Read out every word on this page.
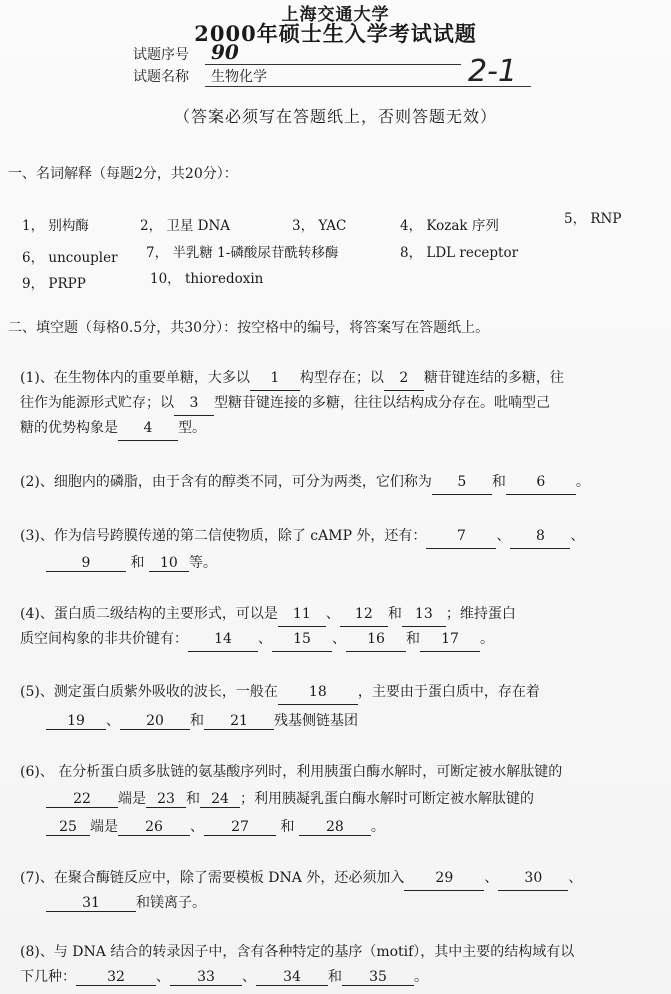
上海交通大学
2000年硕士生入学考试试题
试题序号 90
试题名称 生物化学	2-1
（答案必须写在答题纸上，否则答题无效）
一、名词解释（每题2分，共20分）：
1， 别构酶	2， 卫星 DNA	3， YAC	4， Kozak 序列	5， RNP
6， uncoupler 7， 半乳糖 1-磷酸尿苷酰转移酶	8， LDL receptor
9， PRPP	10， thioredoxin
二、填空题（每格0.5分，共30分）：按空格中的编号，将答案写在答题纸上。
(1)、在生物体内的重要单糖，大多以 1 构型存在；以 2 糖苷键连结的多糖，往
往作为能源形式贮存；以 3 型糖苷键连接的多糖，往往以结构成分存在。吡喃型己
糖的优势构象是 4 型。
(2)、细胞内的磷脂，由于含有的醇类不同，可分为两类，它们称为 5 和 6 。
(3)、作为信号跨膜传递的第二信使物质，除了 cAMP 外，还有： 7 、 8 、
9	和 10 等。
(4)、蛋白质二级结构的主要形式，可以是 11 、 12 和 13 ；维持蛋白
质空间构象的非共价键有： 14 、 15 、 16 和 17 。
(5)、测定蛋白质紫外吸收的波长，一般在 18 ，主要由于蛋白质中，存在着
19 、 20 和 21 残基侧链基团
(6)、 在分析蛋白质多肽链的氨基酸序列时，利用胰蛋白酶水解时，可断定被水解肽键的
22 端是 23 和 24 ；利用胰凝乳蛋白酶水解时可断定被水解肽键的
25 端是 26 、 27 和 28 。
(7)、在聚合酶链反应中，除了需要模板 DNA 外，还必须加入 29 、 30 、
31	和镁离子。
(8)、与 DNA 结合的转录因子中，含有各种特定的基序（motif），其中主要的结构域有以
下几种： 32 、 33 、 34 和 35 。
